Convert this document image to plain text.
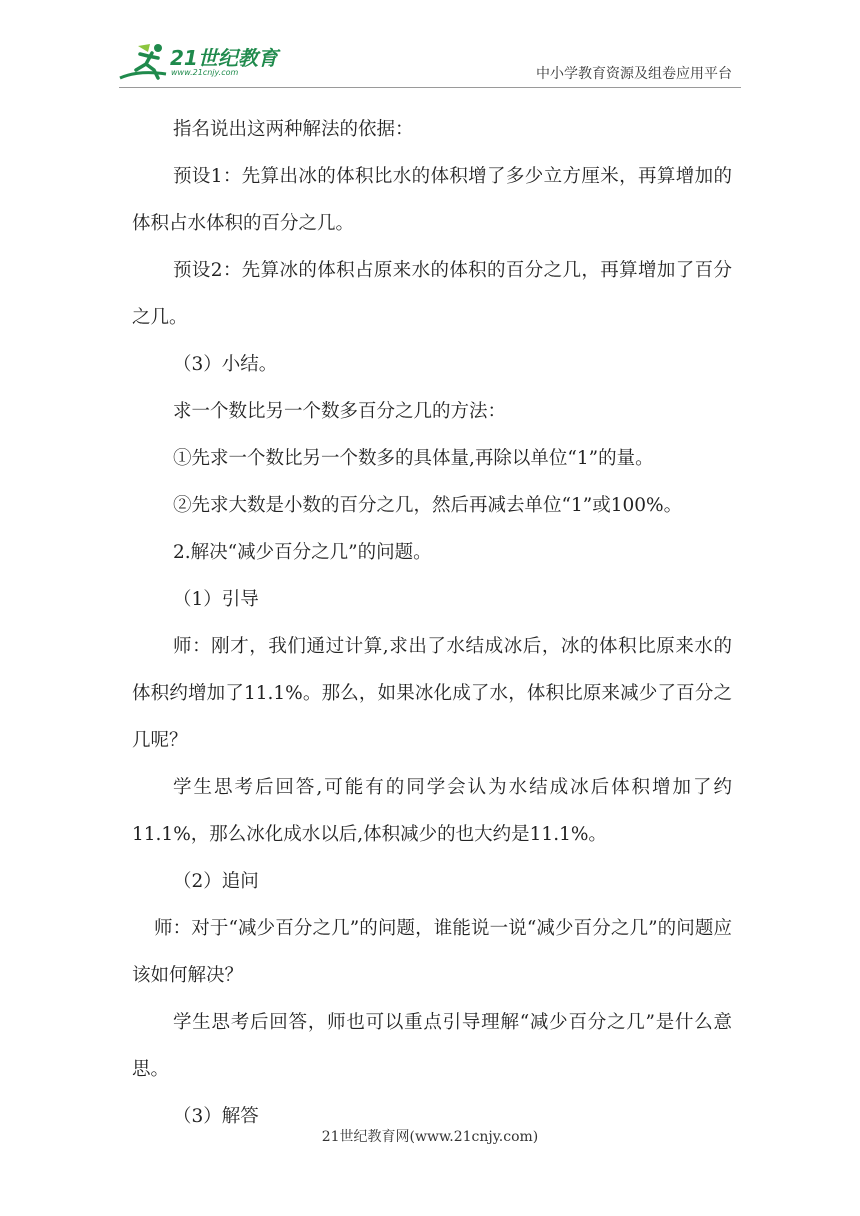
21世纪教育
www.21cnjy.com	中小学教育资源及组卷应用平台

指名说出这两种解法的依据：

预设1：先算出冰的体积比水的体积增了多少立方厘米，再算增加的体积占水体积的百分之几。

预设2：先算冰的体积占原来水的体积的百分之几，再算增加了百分之几。

（3）小结。

求一个数比另一个数多百分之几的方法：

①先求一个数比另一个数多的具体量,再除以单位“1”的量。

②先求大数是小数的百分之几，然后再减去单位“1”或100%。

2.解决“减少百分之几”的问题。

（1）引导

师：刚才，我们通过计算,求出了水结成冰后，冰的体积比原来水的体积约增加了11.1%。那么，如果冰化成了水，体积比原来减少了百分之几呢？

学生思考后回答,可能有的同学会认为水结成冰后体积增加了约11.1%，那么冰化成水以后,体积减少的也大约是11.1%。

（2）追问

师：对于“减少百分之几”的问题，谁能说一说“减少百分之几”的问题应该如何解决？

学生思考后回答，师也可以重点引导理解“减少百分之几”是什么意思。

（3）解答

21世纪教育网(www.21cnjy.com)
